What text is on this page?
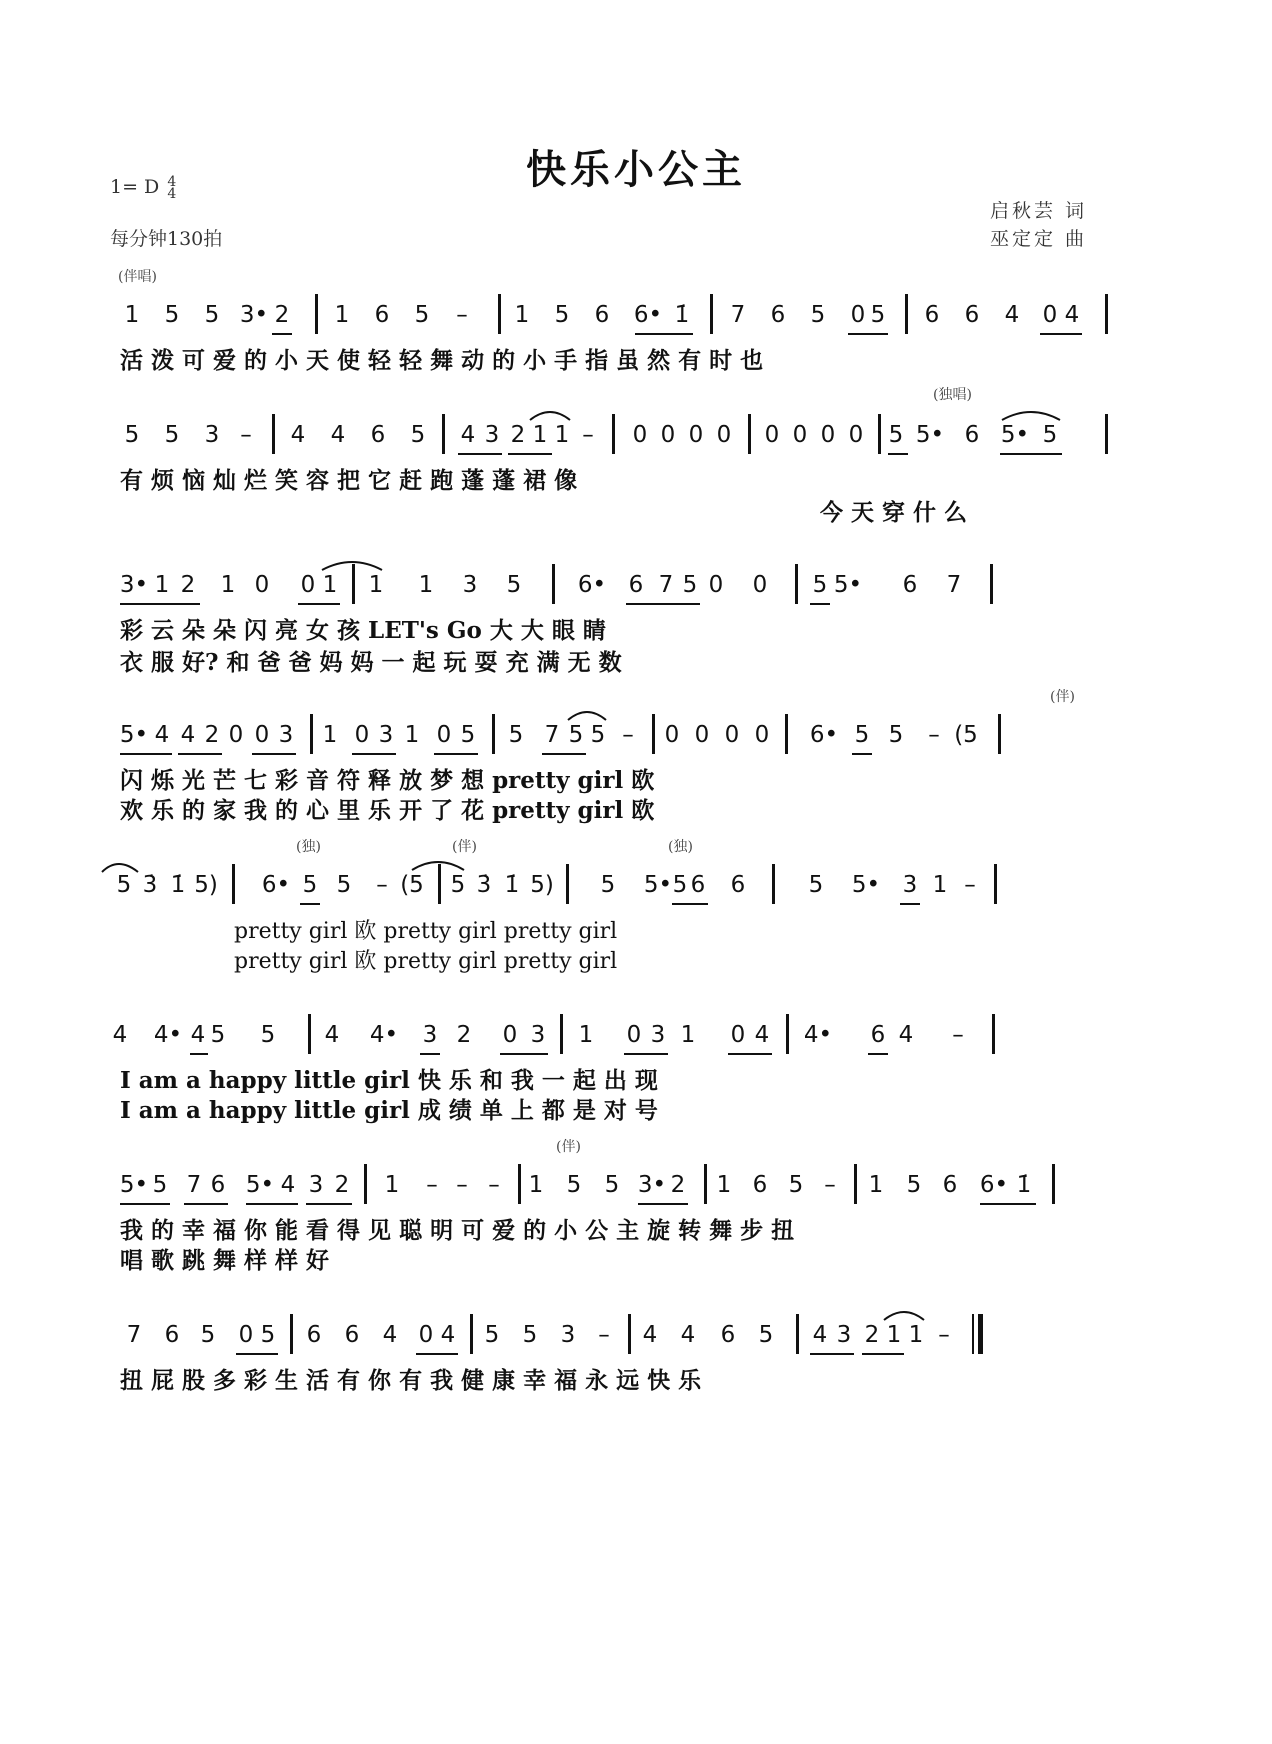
快乐小公主
1= D 4
4
每分钟130拍
启秋芸 词
巫定定 曲
(伴唱)
1 5 5 3• 2 1 6 5 – 1 5 6 6• 1̇ 7 6 5 0 5 6 6 4 0 4
活 泼 可 爱 的 小 天 使 轻 轻 舞 动 的 小 手 指 虽 然 有 时 也
(独唱)
5 5 3 – 4 4 6 5 4 3 2 1 1 – 0 0 0 0 0 0 0 0 5 5• 6 5• 5
有 烦 恼 灿 烂 笑 容 把 它 赶 跑 蓬 蓬 裙 像
今 天 穿 什 么
3• 1 2 1 0 0 1 1 1 3 5 6• 6 7 5 0 0 5 5• 6 7
彩 云 朵 朵 闪 亮 女 孩 LET's Go 大 大 眼 睛
衣 服 好? 和 爸 爸 妈 妈 一 起 玩 耍 充 满 无 数
(伴)
5• 4 4 2 0 0 3 1 0 3 1 0 5 5 7 5 5 – 0 0 0 0 6• 5 5 – (5
闪 烁 光 芒 七 彩 音 符 释 放 梦 想 pretty girl 欧
欢 乐 的 家 我 的 心 里 乐 开 了 花 pretty girl 欧
(独)	(伴)	(独)
5 3̇ 1̇ 5) 6• 5 5 – (5 5 3̇ 1̇ 5) 5 5• 5 6 6	5 5• 3 1 –
pretty girl 欧 pretty girl pretty girl
pretty girl 欧 pretty girl pretty girl
4 4• 4 5 5 4 4• 3 2 0 3 1 0 3 1 0 4 4• 6 4 –
I am a happy little girl 快 乐 和 我 一 起 出 现
I am a happy little girl 成 绩 单 上 都 是 对 号
(伴)
5• 5 7 6 5• 4 3 2 1 – – – 1 5 5 3• 2 1 6 5 – 1 5 6 6• 1̇
我 的 幸 福 你 能 看 得 见 聪 明 可 爱 的 小 公 主 旋 转 舞 步 扭
唱 歌 跳 舞 样 样 好
7 6 5 0 5 6 6 4 0 4 5 5 3 – 4 4 6 5 4 3 2 1 1 –
扭 屁 股 多 彩 生 活 有 你 有 我 健 康 幸 福 永 远 快 乐
